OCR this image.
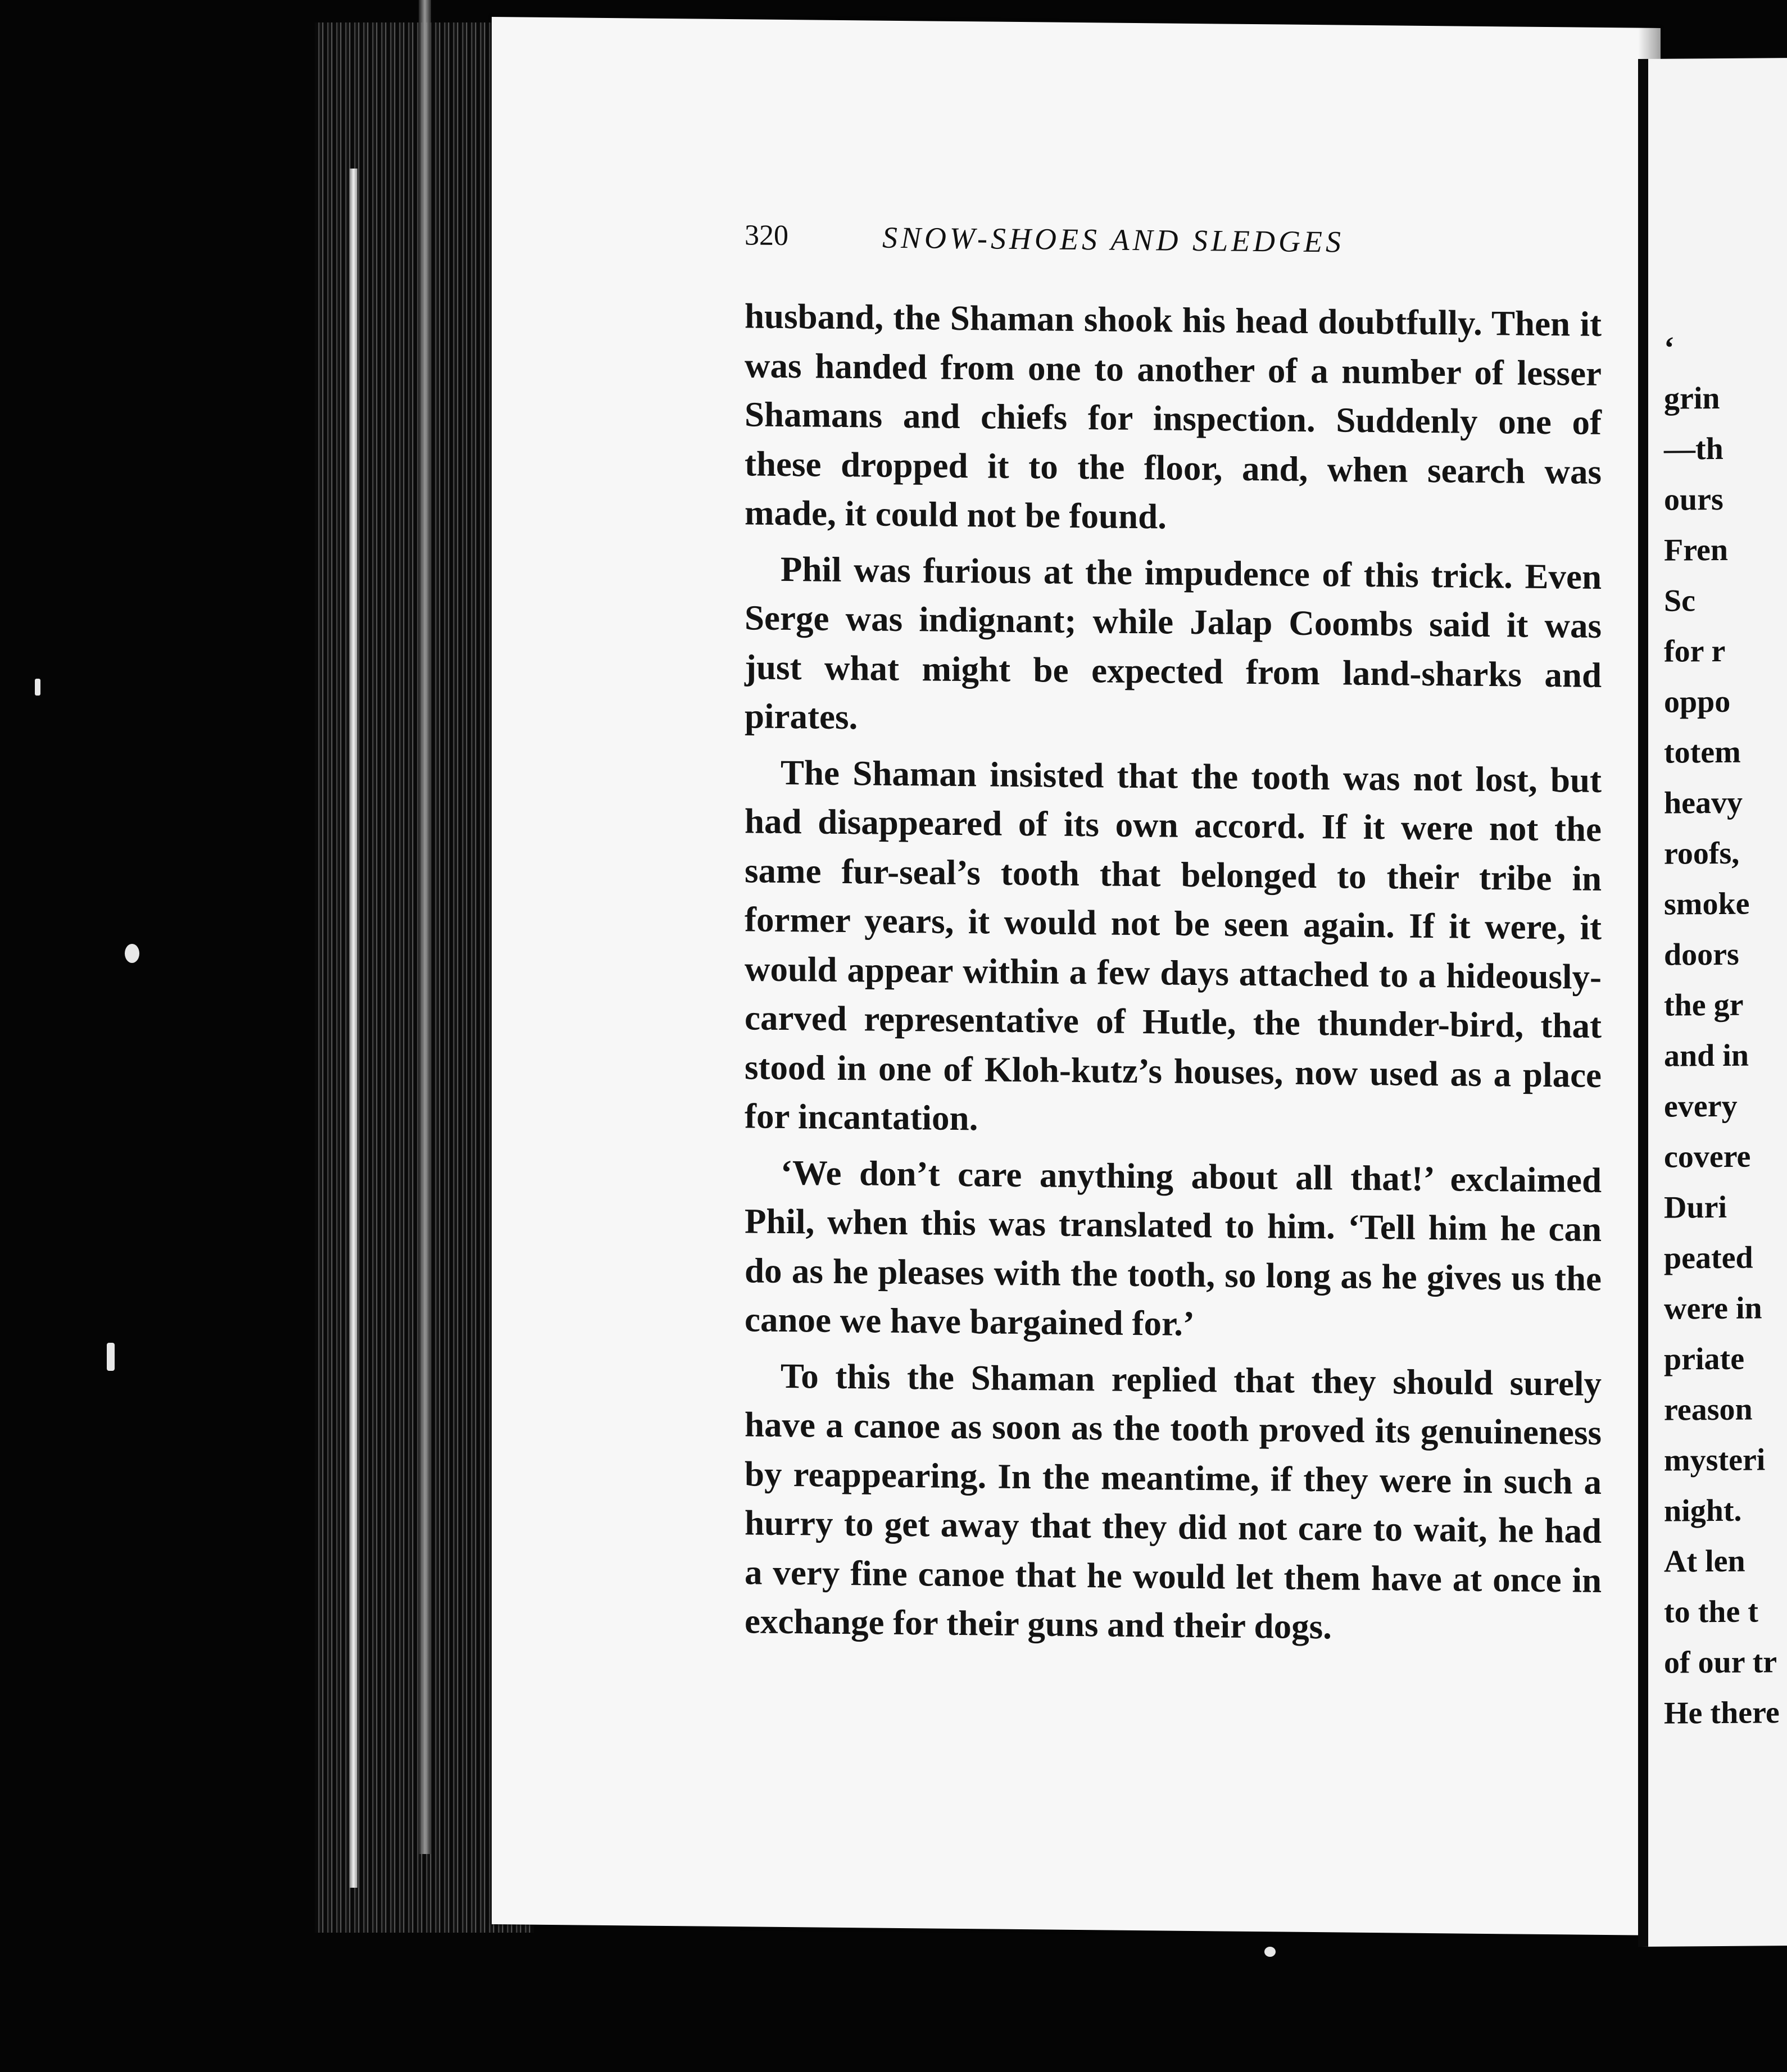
320	SNOW-SHOES AND SLEDGES

husband, the Shaman shook his head doubtfully. Then it was handed from one to another of a number of lesser Shamans and chiefs for inspection. Suddenly one of these dropped it to the floor, and, when search was made, it could not be found.

Phil was furious at the impudence of this trick. Even Serge was indignant; while Jalap Coombs said it was just what might be expected from land-sharks and pirates.

The Shaman insisted that the tooth was not lost, but had disappeared of its own accord. If it were not the same fur-seal’s tooth that belonged to their tribe in former years, it would not be seen again. If it were, it would appear within a few days attached to a hideously-carved representative of Hutle, the thunder-bird, that stood in one of Kloh-kutz’s houses, now used as a place for incantation.

‘We don’t care anything about all that!’ exclaimed Phil, when this was translated to him. ‘Tell him he can do as he pleases with the tooth, so long as he gives us the canoe we have bargained for.’

To this the Shaman replied that they should surely have a canoe as soon as the tooth proved its genuineness by reappearing. In the meantime, if they were in such a hurry to get away that they did not care to wait, he had a very fine canoe that he would let them have at once in exchange for their guns and their dogs.

‘
grin
—th
ours
Fren
Sc
for r
oppo
totem
heavy
roofs,
smoke
doors
the gr
and in
every
covere
Duri
peated
were in
priate
reason
mysteri
night.
At len
to the t
of our tr
He there
